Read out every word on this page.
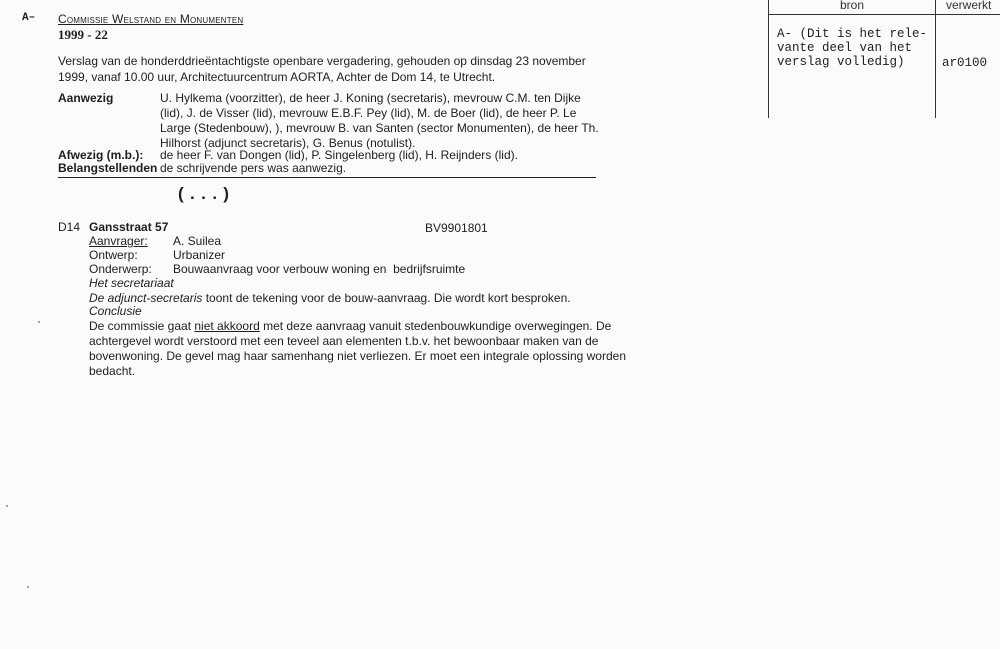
bron	verwerkt
A- (Dit is het rele-
vante deel van het
verslag volledig)	ar0100
A– Commissie Welstand en Monumenten
1999 - 22
Verslag van de honderddrieëntachtigste openbare vergadering, gehouden op dinsdag 23 november
1999, vanaf 10.00 uur, Architectuurcentrum AORTA, Achter de Dom 14, te Utrecht.
Aanwezig	U. Hylkema (voorzitter), de heer J. Koning (secretaris), mevrouw C.M. ten Dijke
(lid), J. de Visser (lid), mevrouw E.B.F. Pey (lid), M. de Boer (lid), de heer P. Le
Large (Stedenbouw), ), mevrouw B. van Santen (sector Monumenten), de heer Th.
Hilhorst (adjunct secretaris), G. Benus (notulist).
Afwezig (m.b.): de heer F. van Dongen (lid), P. Singelenberg (lid), H. Reijnders (lid).
Belangstellenden de schrijvende pers was aanwezig.
(...)
D14 Gansstraat 57	BV9901801
Aanvrager: A. Suilea
Ontwerp:	Urbanizer
Onderwerp: Bouwaanvraag voor verbouw woning en  bedrijfsruimte
Het secretariaat
De adjunct-secretaris toont de tekening voor de bouw-aanvraag. Die wordt kort besproken.
Conclusie
De commissie gaat niet akkoord met deze aanvraag vanuit stedenbouwkundige overwegingen. De
achtergevel wordt verstoord met een teveel aan elementen t.b.v. het bewoonbaar maken van de
bovenwoning. De gevel mag haar samenhang niet verliezen. Er moet een integrale oplossing worden
bedacht.
